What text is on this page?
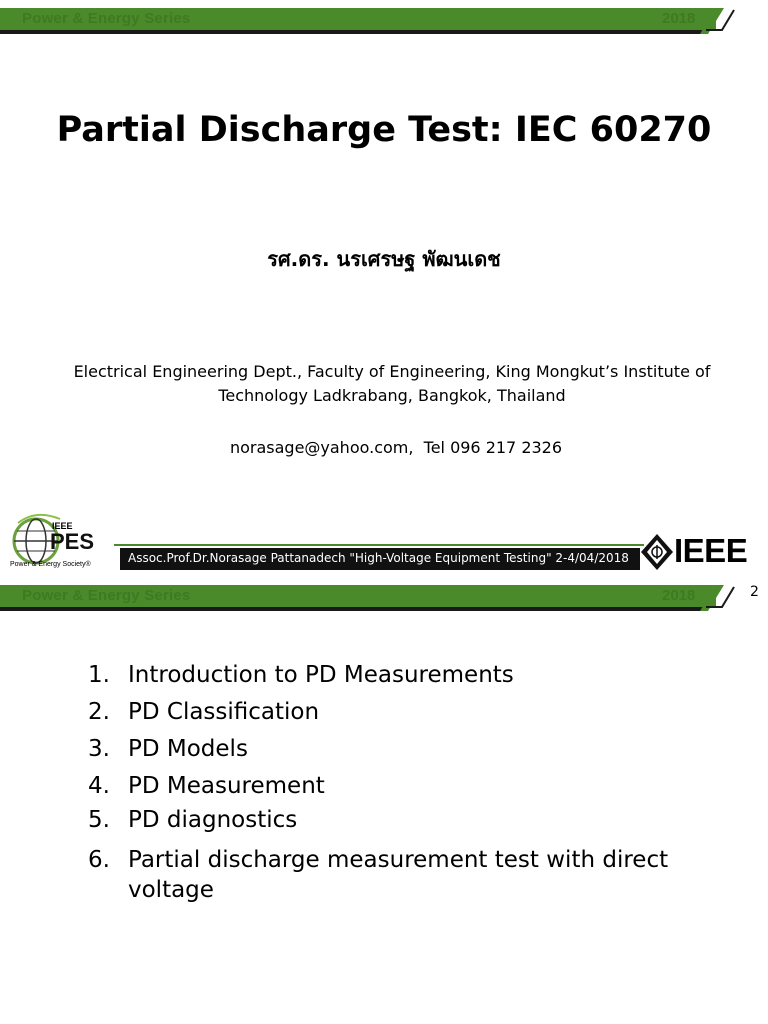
Power & Energy Series	2018
Partial Discharge Test: IEC 60270
รศ.ดร. นรเศรษฐ พัฒนเดช
Electrical Engineering Dept., Faculty of Engineering, King Mongkut’s Institute of Technology Ladkrabang, Bangkok, Thailand
norasage@yahoo.com,  Tel 096 217 2326
IEEE
PES
Power & Energy Society®	Assoc.Prof.Dr.Norasage Pattanadech "High-Voltage Equipment Testing" 2-4/04/2018 IEEE
Power & Energy Series	2018	2
1. Introduction to PD Measurements
2. PD Classification
3. PD Models
4. PD Measurement
5. PD diagnostics
6. Partial discharge measurement test with direct voltage
